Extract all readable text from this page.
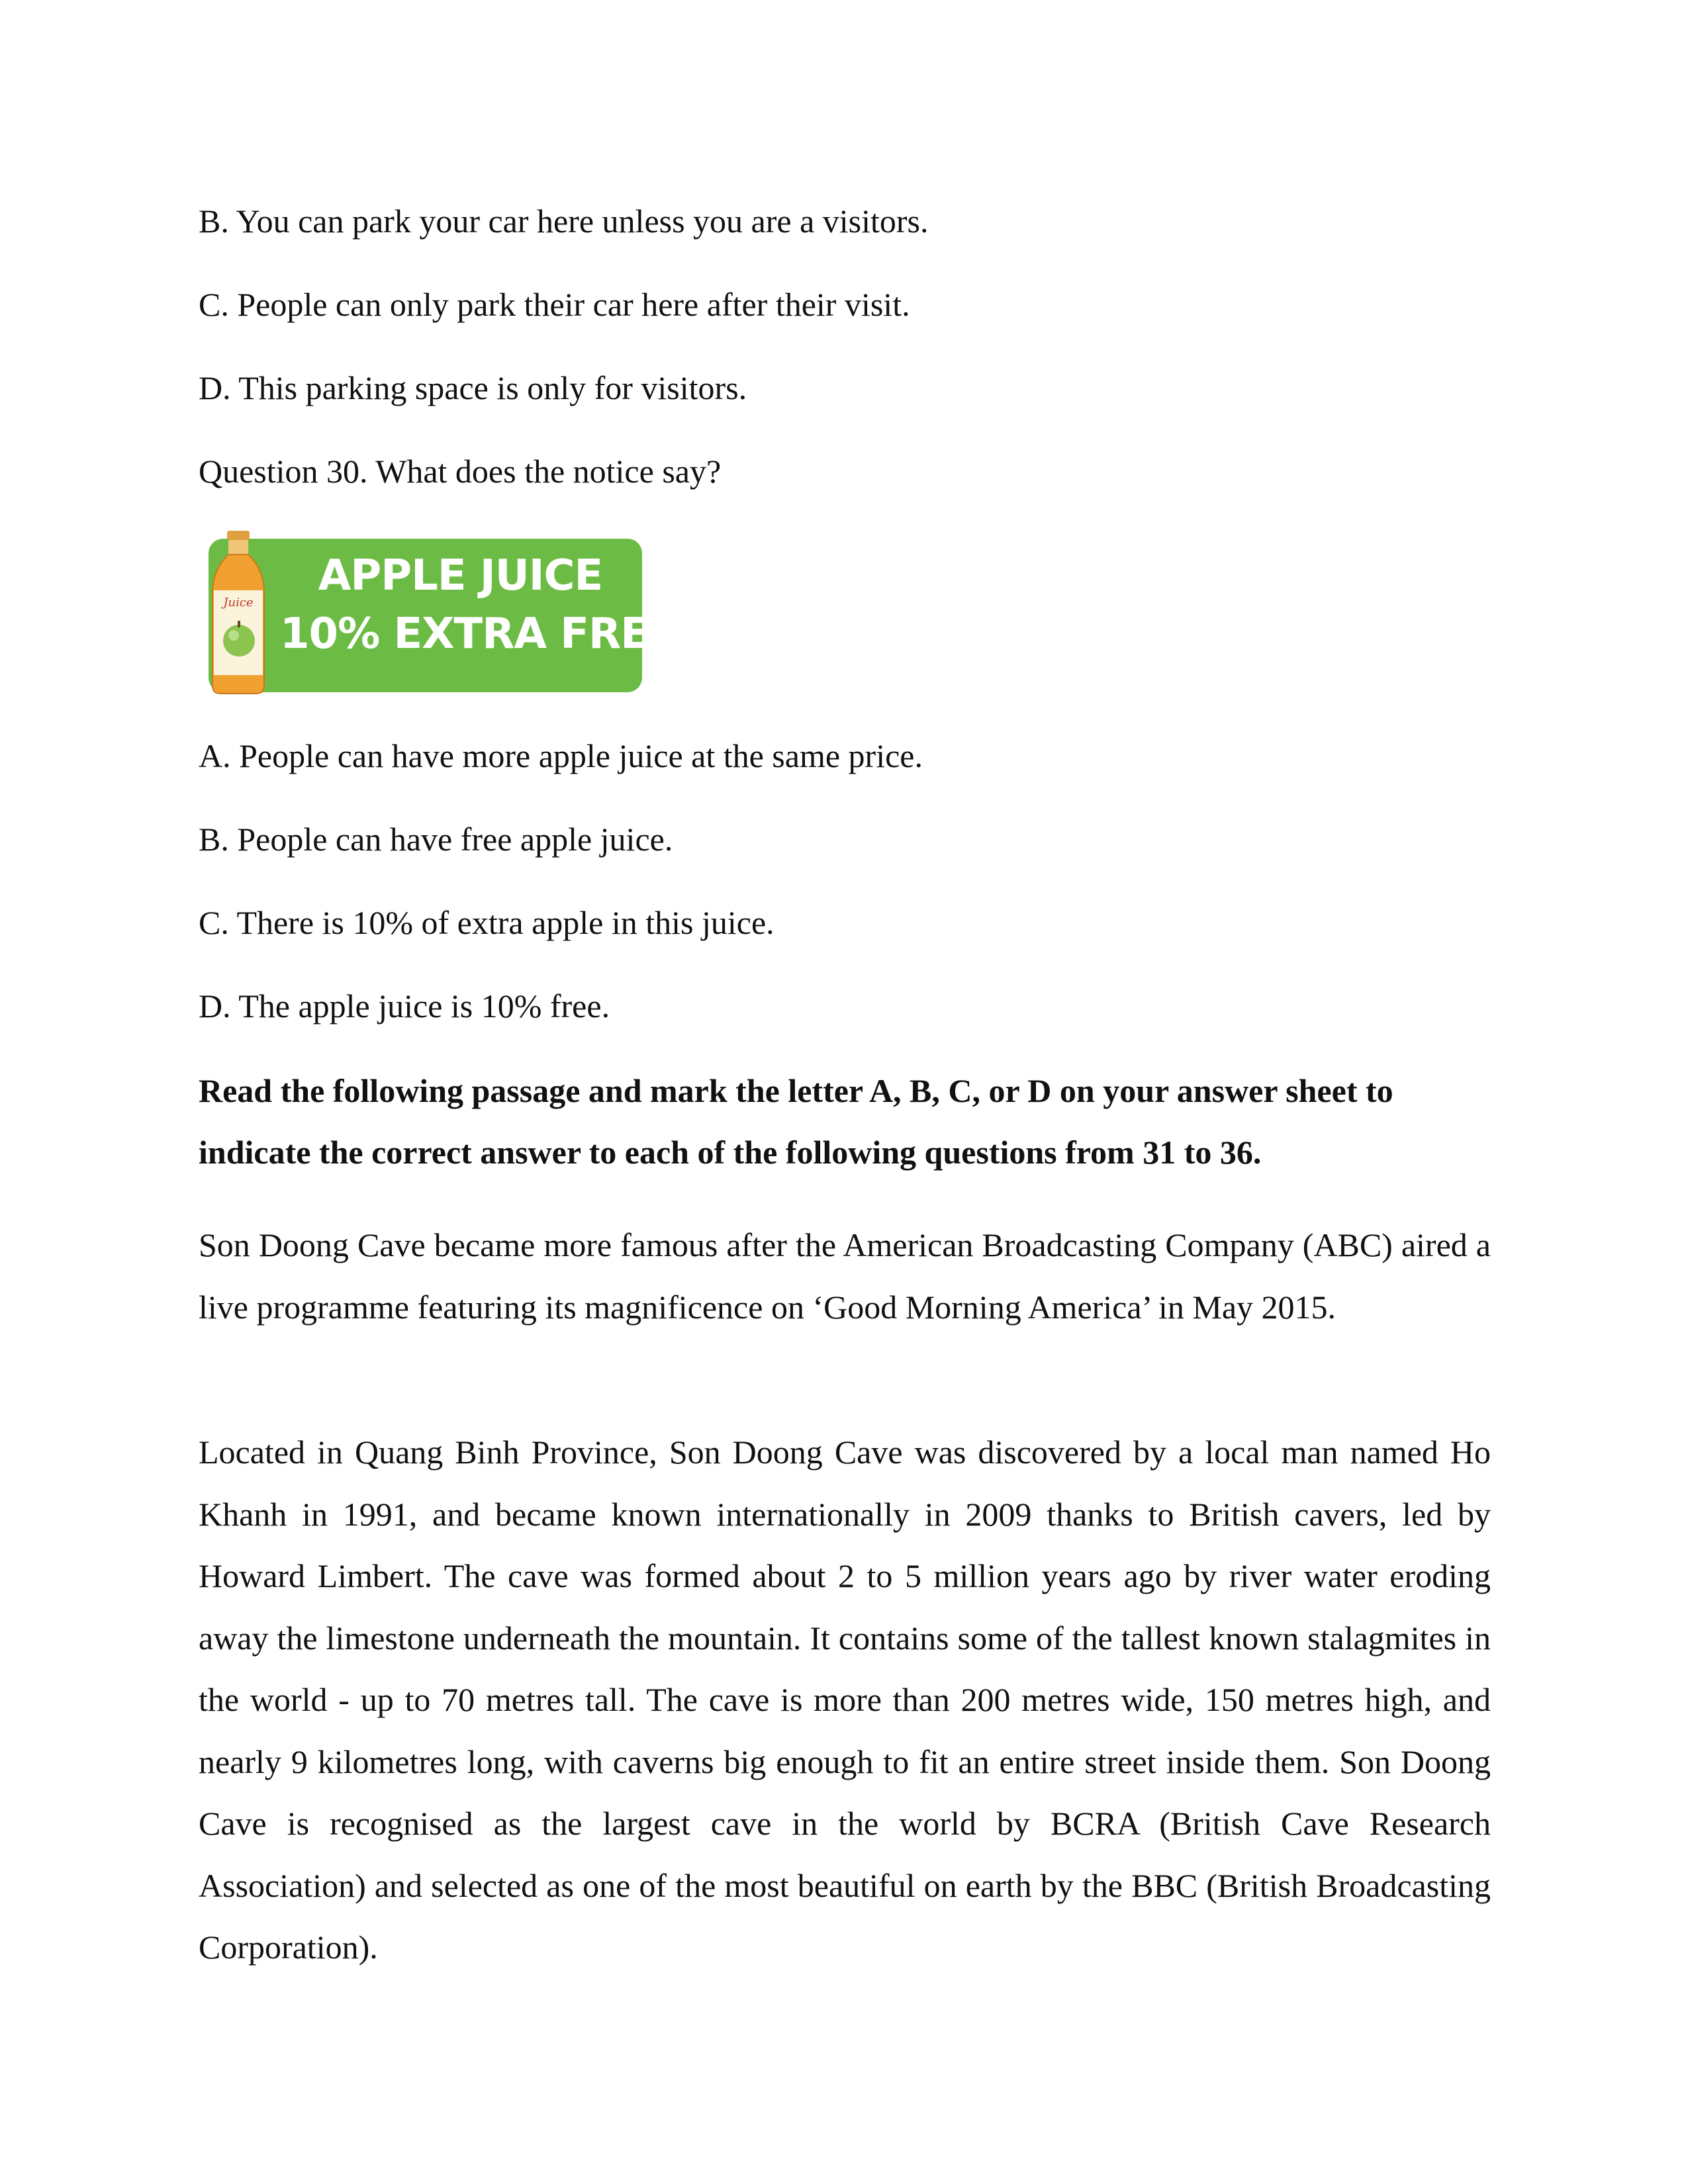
B. You can park your car here unless you are a visitors.
C. People can only park their car here after their visit.
D. This parking space is only for visitors.
Question 30. What does the notice say?
Juice
APPLE JUICE
10% EXTRA FREE
A. People can have more apple juice at the same price.
B. People can have free apple juice.
C. There is 10% of extra apple in this juice.
D. The apple juice is 10% free.
Read the following passage and mark the letter A, B, C, or D on your answer sheet to indicate the correct answer to each of the following questions from 31 to 36.
Son Doong Cave became more famous after the American Broadcasting Company (ABC) aired a live programme featuring its magnificence on ‘Good Morning America’ in May 2015.
Located in Quang Binh Province, Son Doong Cave was discovered by a local man named Ho Khanh in 1991, and became known internationally in 2009 thanks to British cavers, led by Howard Limbert. The cave was formed about 2 to 5 million years ago by river water eroding away the limestone underneath the mountain. It contains some of the tallest known stalagmites in the world - up to 70 metres tall. The cave is more than 200 metres wide, 150 metres high, and nearly 9 kilometres long, with caverns big enough to fit an entire street inside them. Son Doong Cave is recognised as the largest cave in the world by BCRA (British Cave Research Association) and selected as one of the most beautiful on earth by the BBC (British Broadcasting Corporation).
